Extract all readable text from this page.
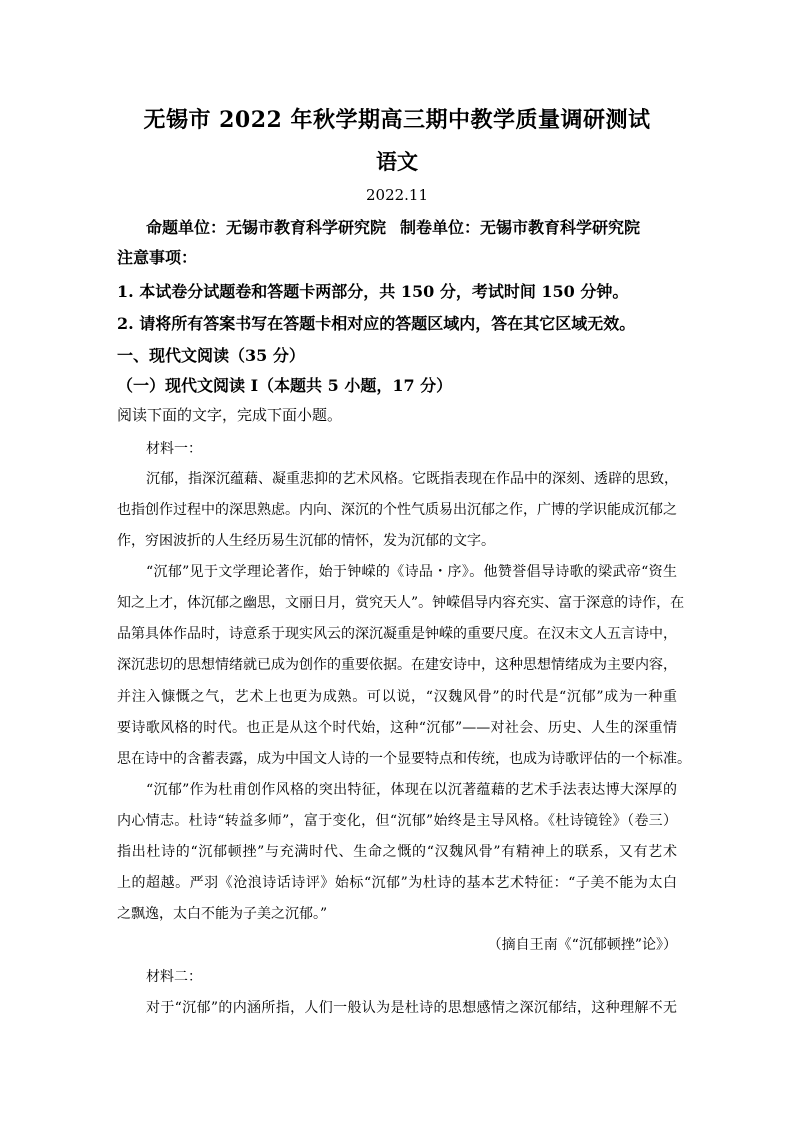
无锡市 2022 年秋学期高三期中教学质量调研测试
语文
2022.11
命题单位：无锡市教育科学研究院 制卷单位：无锡市教育科学研究院
注意事项：
1. 本试卷分试题卷和答题卡两部分，共 150 分，考试时间 150 分钟。
2. 请将所有答案书写在答题卡相对应的答题区域内，答在其它区域无效。
一、现代文阅读（35 分）
（一）现代文阅读 I（本题共 5 小题，17 分）
阅读下面的文字，完成下面小题。
材料一：
沉郁，指深沉蕴藉、凝重悲抑的艺术风格。它既指表现在作品中的深刻、透辟的思致，
也指创作过程中的深思熟虑。内向、深沉的个性气质易出沉郁之作，广博的学识能成沉郁之
作，穷困波折的人生经历易生沉郁的情怀，发为沉郁的文字。
“沉郁”见于文学理论著作，始于钟嵘的《诗品・序》。他赞誉倡导诗歌的梁武帝“资生
知之上才，体沉郁之幽思，文丽日月，赏究天人”。钟嵘倡导内容充实、富于深意的诗作，在
品第具体作品时，诗意系于现实风云的深沉凝重是钟嵘的重要尺度。在汉末文人五言诗中，
深沉悲切的思想情绪就已成为创作的重要依据。在建安诗中，这种思想情绪成为主要内容，
并注入慷慨之气，艺术上也更为成熟。可以说，“汉魏风骨”的时代是“沉郁”成为一种重
要诗歌风格的时代。也正是从这个时代始，这种“沉郁”——对社会、历史、人生的深重情
思在诗中的含蓄表露，成为中国文人诗的一个显要特点和传统，也成为诗歌评估的一个标准。
“沉郁”作为杜甫创作风格的突出特征，体现在以沉著蕴藉的艺术手法表达博大深厚的
内心情志。杜诗“转益多师”，富于变化，但“沉郁”始终是主导风格。《杜诗镜铨》（卷三）
指出杜诗的“沉郁顿挫”与充满时代、生命之慨的“汉魏风骨”有精神上的联系，又有艺术
上的超越。严羽《沧浪诗话诗评》始标“沉郁”为杜诗的基本艺术特征：“子美不能为太白
之飘逸，太白不能为子美之沉郁。”
（摘自王南《“沉郁顿挫”论》）
材料二：
对于“沉郁”的内涵所指，人们一般认为是杜诗的思想感情之深沉郁结，这种理解不无
